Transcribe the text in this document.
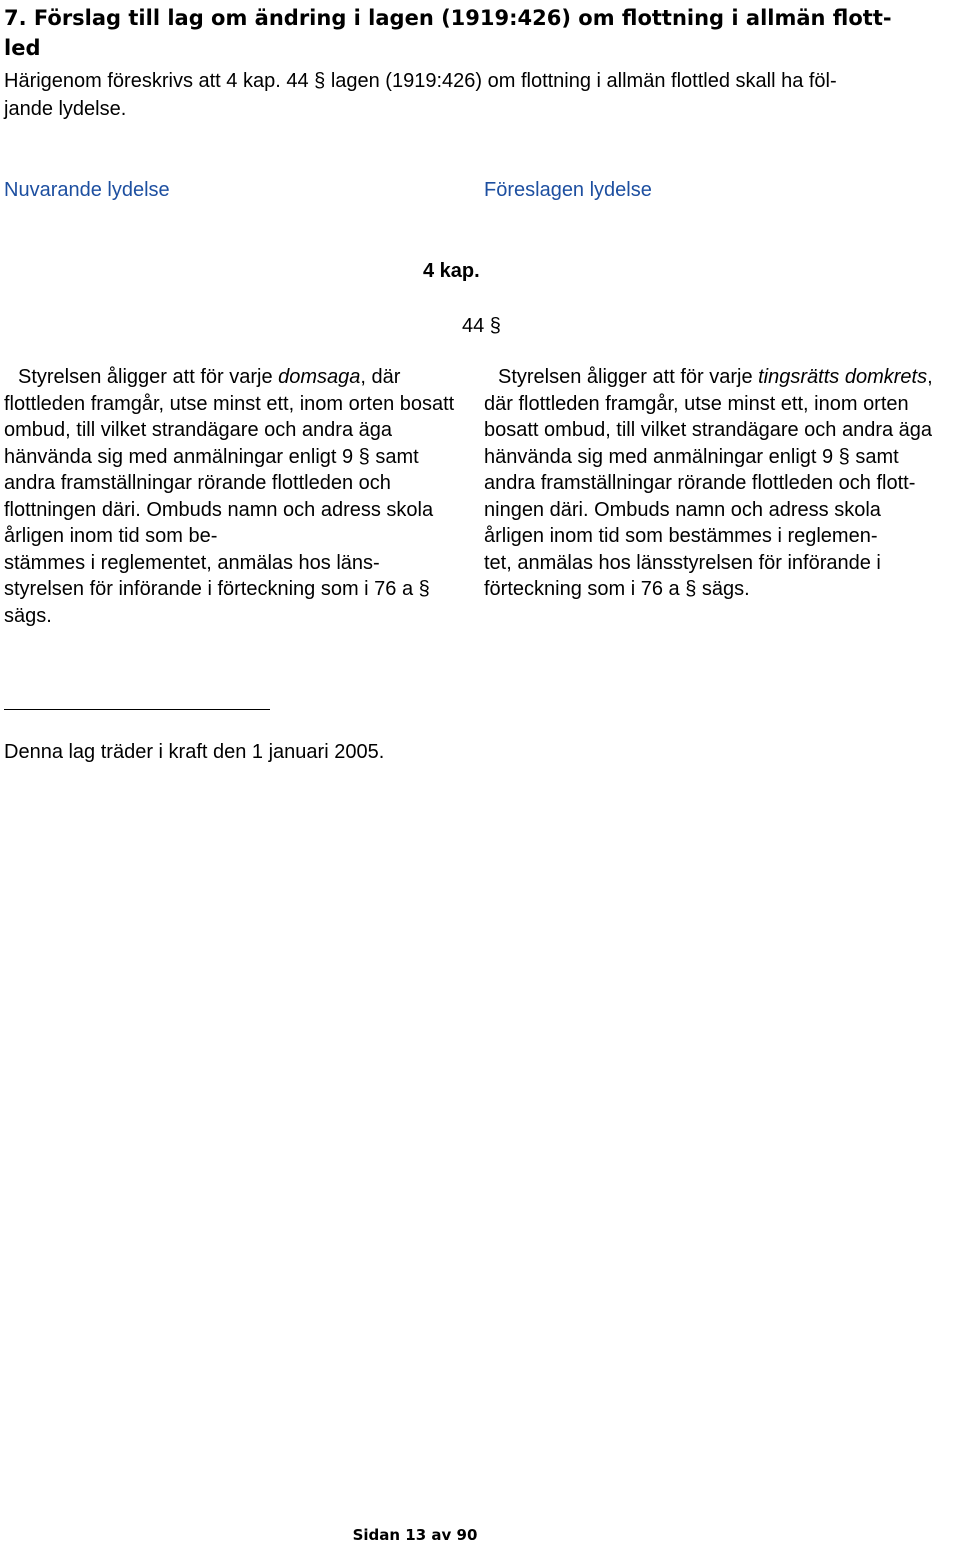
7. Förslag till lag om ändring i lagen (1919:426) om flottning i allmän flott-
led

Härigenom föreskrivs att 4 kap. 44 § lagen (1919:426) om flottning i allmän flottled skall ha föl-
jande lydelse.

Nuvarande lydelse	Föreslagen lydelse
4 kap.
44 §

Styrelsen åligger att för varje domsaga, där flottleden framgår, utse minst ett, inom orten bosatt ombud, till vilket strandägare och andra äga hänvända sig med anmälningar enligt 9 § samt andra framställningar rörande flottleden och flottningen däri. Ombuds namn och adress skola årligen inom tid som be-
stämmes i reglementet, anmälas hos läns-
styrelsen för införande i förteckning som i 76 a § sägs.

Styrelsen åligger att för varje tingsrätts domkrets, där flottleden framgår, utse minst ett, inom orten bosatt ombud, till vilket strandägare och andra äga hänvända sig med anmälningar enligt 9 § samt andra framställningar rörande flottleden och flott-
ningen däri. Ombuds namn och adress skola årligen inom tid som bestämmes i reglemen-
tet, anmälas hos länsstyrelsen för införande i förteckning som i 76 a § sägs.

Denna lag träder i kraft den 1 januari 2005.

Sidan 13 av 90
